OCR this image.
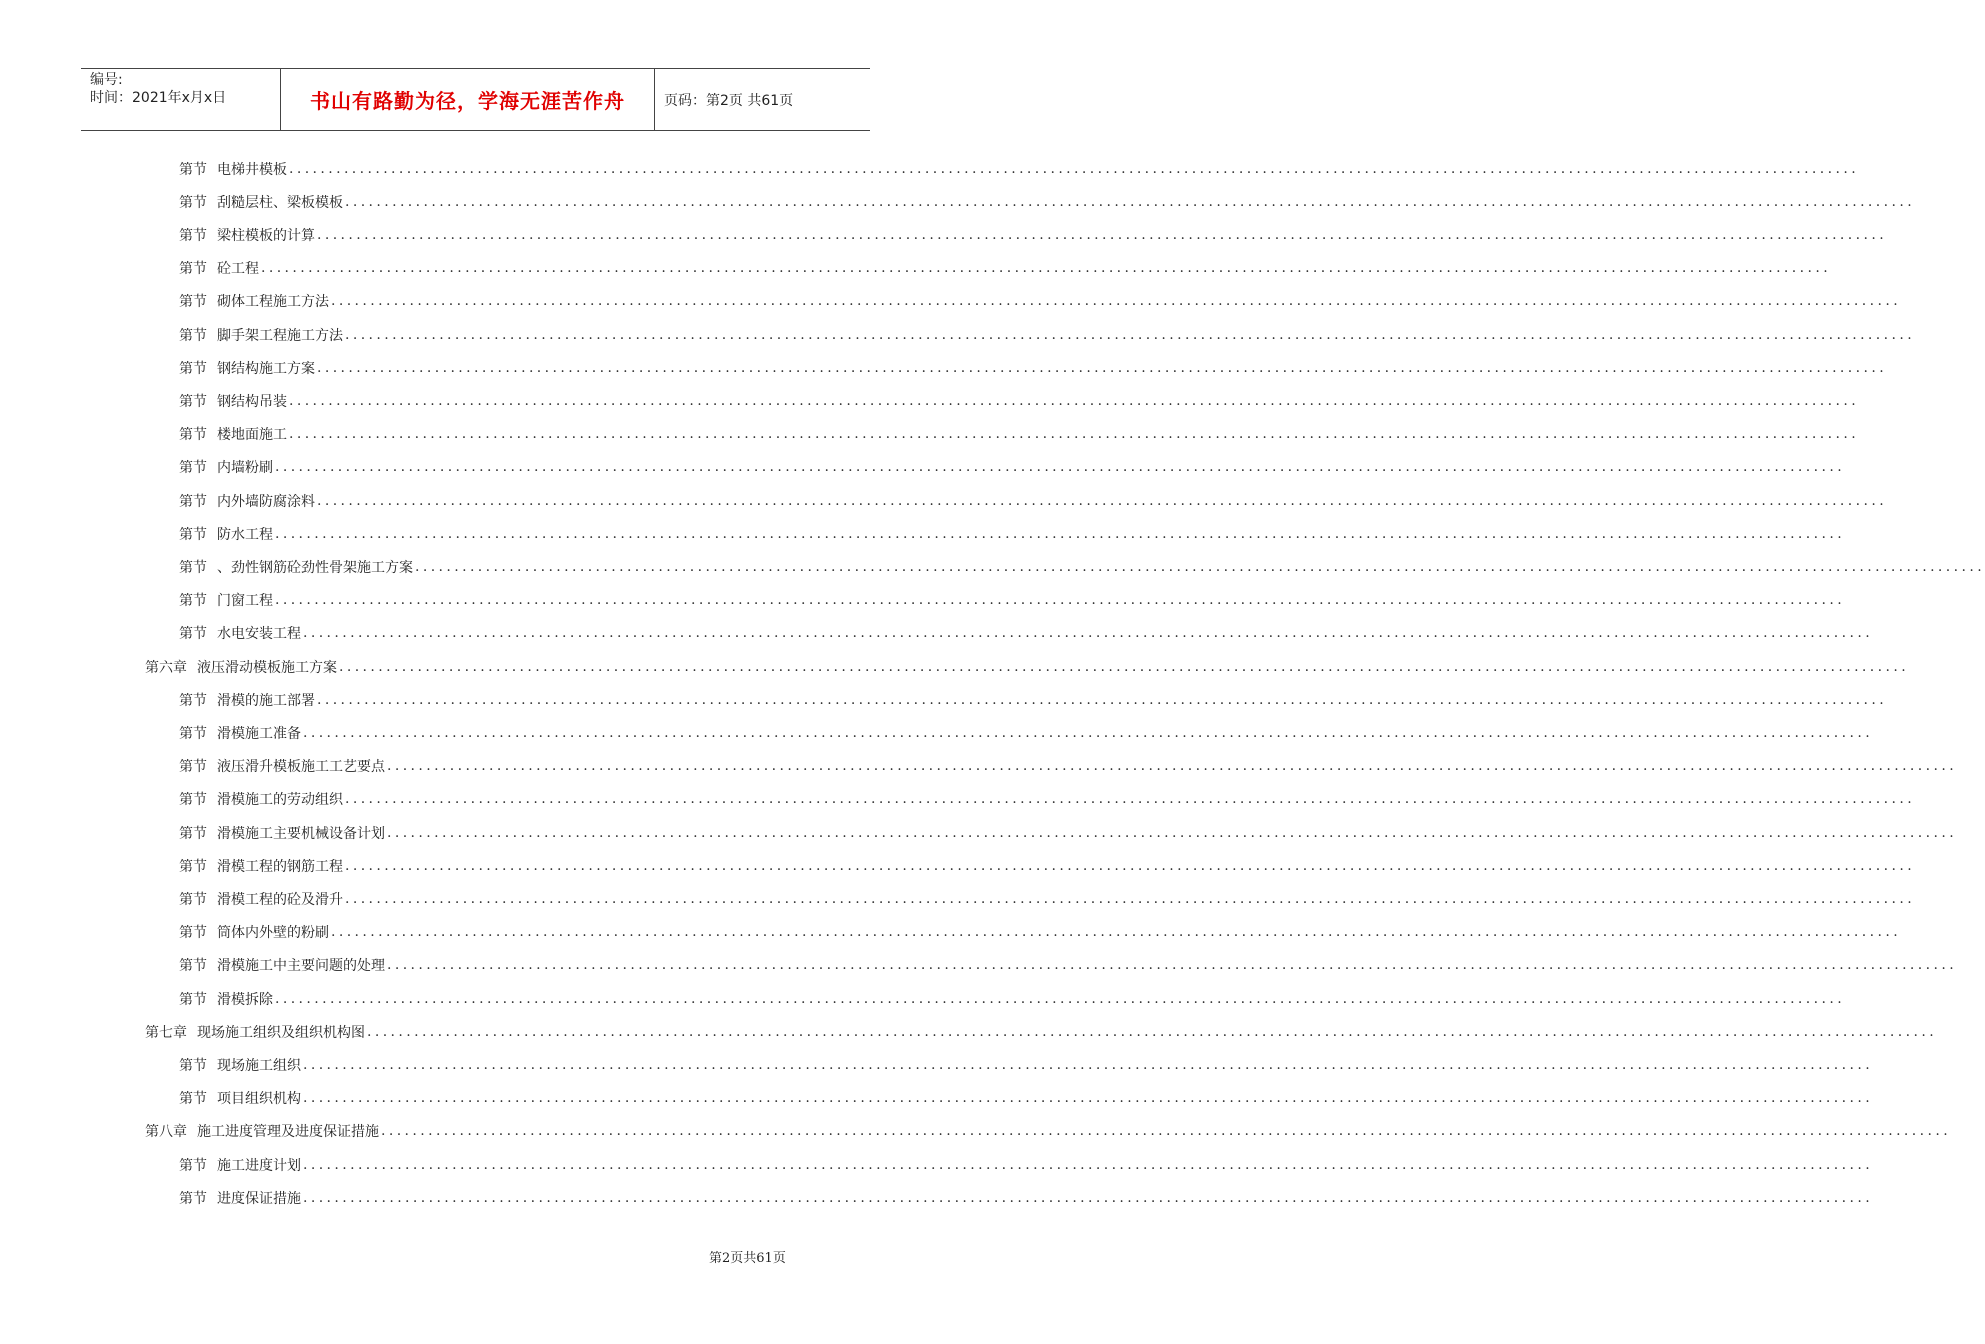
编号:
时间：2021年x月x日	书山有路勤为径，学海无涯苦作舟	页码：第2页 共61页
第节 电梯井模板 ........................................................................................................................................................................................................
第节 刮糙层柱、梁板模板 ........................................................................................................................................................................................................
第节 梁柱模板的计算 ........................................................................................................................................................................................................
第节 砼工程 ........................................................................................................................................................................................................
第节 砌体工程施工方法 ........................................................................................................................................................................................................
第节 脚手架工程施工方法 ........................................................................................................................................................................................................
第节 钢结构施工方案 ........................................................................................................................................................................................................
第节 钢结构吊装 ........................................................................................................................................................................................................
第节 楼地面施工 ........................................................................................................................................................................................................
第节 内墙粉刷 ........................................................................................................................................................................................................
第节 内外墙防腐涂料 ........................................................................................................................................................................................................
第节 防水工程 ........................................................................................................................................................................................................
第节 、劲性钢筋砼劲性骨架施工方案 ........................................................................................................................................................................................................
第节 门窗工程 ........................................................................................................................................................................................................
第节 水电安装工程 ........................................................................................................................................................................................................
第六章 液压滑动模板施工方案 ........................................................................................................................................................................................................
第节 滑模的施工部署 ........................................................................................................................................................................................................
第节 滑模施工准备 ........................................................................................................................................................................................................
第节 液压滑升模板施工工艺要点 ........................................................................................................................................................................................................
第节 滑模施工的劳动组织 ........................................................................................................................................................................................................
第节 滑模施工主要机械设备计划 ........................................................................................................................................................................................................
第节 滑模工程的钢筋工程 ........................................................................................................................................................................................................
第节 滑模工程的砼及滑升 ........................................................................................................................................................................................................
第节 筒体内外壁的粉刷 ........................................................................................................................................................................................................
第节 滑模施工中主要问题的处理 ........................................................................................................................................................................................................
第节 滑模拆除 ........................................................................................................................................................................................................
第七章 现场施工组织及组织机构图 ........................................................................................................................................................................................................
第节 现场施工组织 ........................................................................................................................................................................................................
第节 项目组织机构 ........................................................................................................................................................................................................
第八章 施工进度管理及进度保证措施 ........................................................................................................................................................................................................
第节 施工进度计划 ........................................................................................................................................................................................................
第节 进度保证措施 ........................................................................................................................................................................................................
第2页共61页
